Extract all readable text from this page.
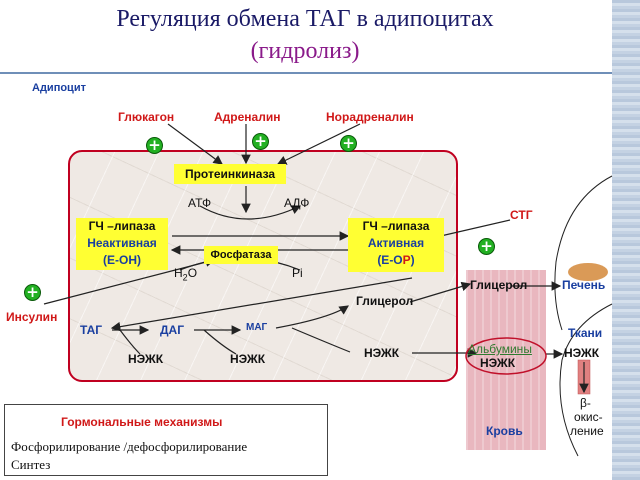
Регуляция обмена ТАГ в адипоцитах
(гидролиз)
Адипоцит
Глюкагон	Адреналин	Норадреналин
Инсулин
СТГ
+	+	+
+
+
Протеинкиназа
АТФ	АДФ
ГЧ –липаза
Неактивная
(Е-ОН)
ГЧ –липаза
Активная
(Е-ОР)
Фосфатаза
$Н_2О$	Pi
ТАГ	ДАГ	МАГ
НЭЖК	НЭЖК	НЭЖК
Глицерол
Глицерол
Альбумины
НЭЖК
Кровь
Печень
Ткани
НЭЖК
β-
окис-
ление
Гормональные механизмы
Фосфорилирование /дефосфорилирование
Синтез
